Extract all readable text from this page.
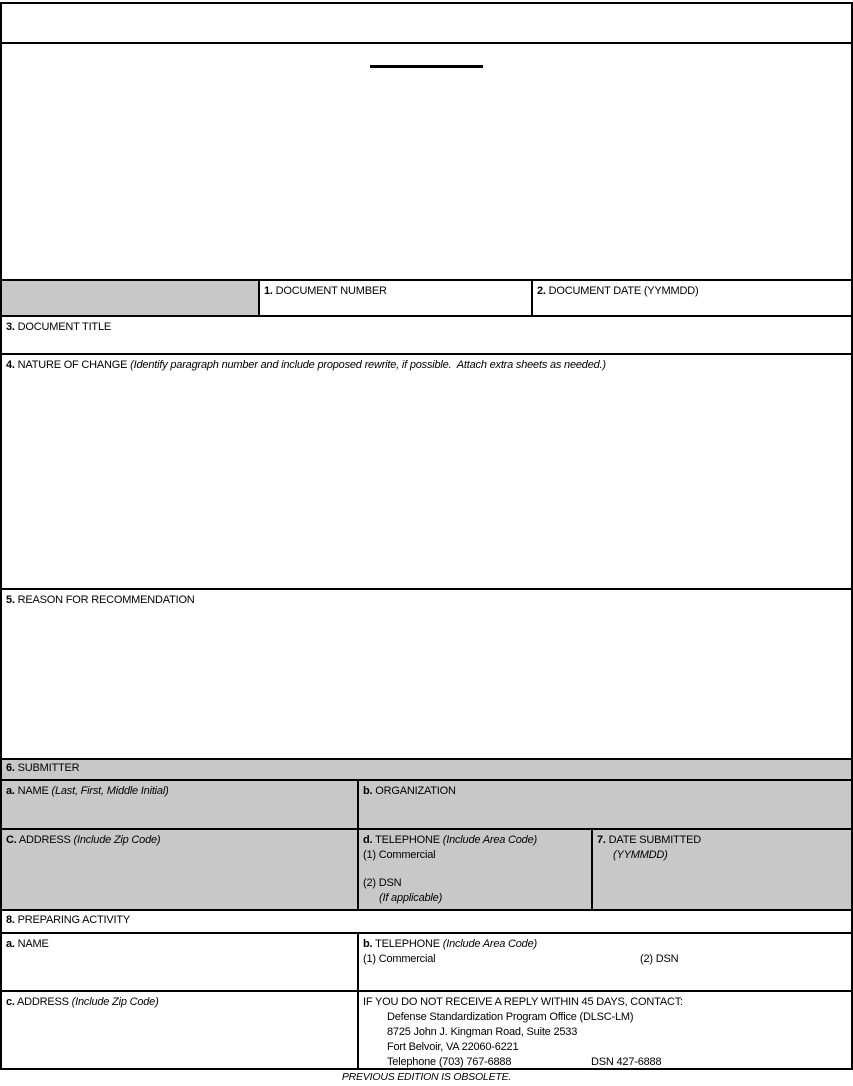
1. DOCUMENT NUMBER	2. DOCUMENT DATE (YYMMDD)
3. DOCUMENT TITLE
4. NATURE OF CHANGE (Identify paragraph number and include proposed rewrite, if possible.  Attach extra sheets as needed.)
5. REASON FOR RECOMMENDATION
6. SUBMITTER
a. NAME (Last, First, Middle Initial)	b. ORGANIZATION
C. ADDRESS (Include Zip Code)	d. TELEPHONE (Include Area Code)
(1) Commercial
(2) DSN
(If applicable)
7. DATE SUBMITTED
(YYMMDD)
8. PREPARING ACTIVITY
a. NAME	b. TELEPHONE (Include Area Code)
(1) Commercial	(2) DSN
c. ADDRESS (Include Zip Code)	IF YOU DO NOT RECEIVE A REPLY WITHIN 45 DAYS, CONTACT:
Defense Standardization Program Office (DLSC-LM)
8725 John J. Kingman Road, Suite 2533
Fort Belvoir, VA 22060-6221
Telephone (703) 767-6888	DSN 427-6888
PREVIOUS EDITION IS OBSOLETE.
